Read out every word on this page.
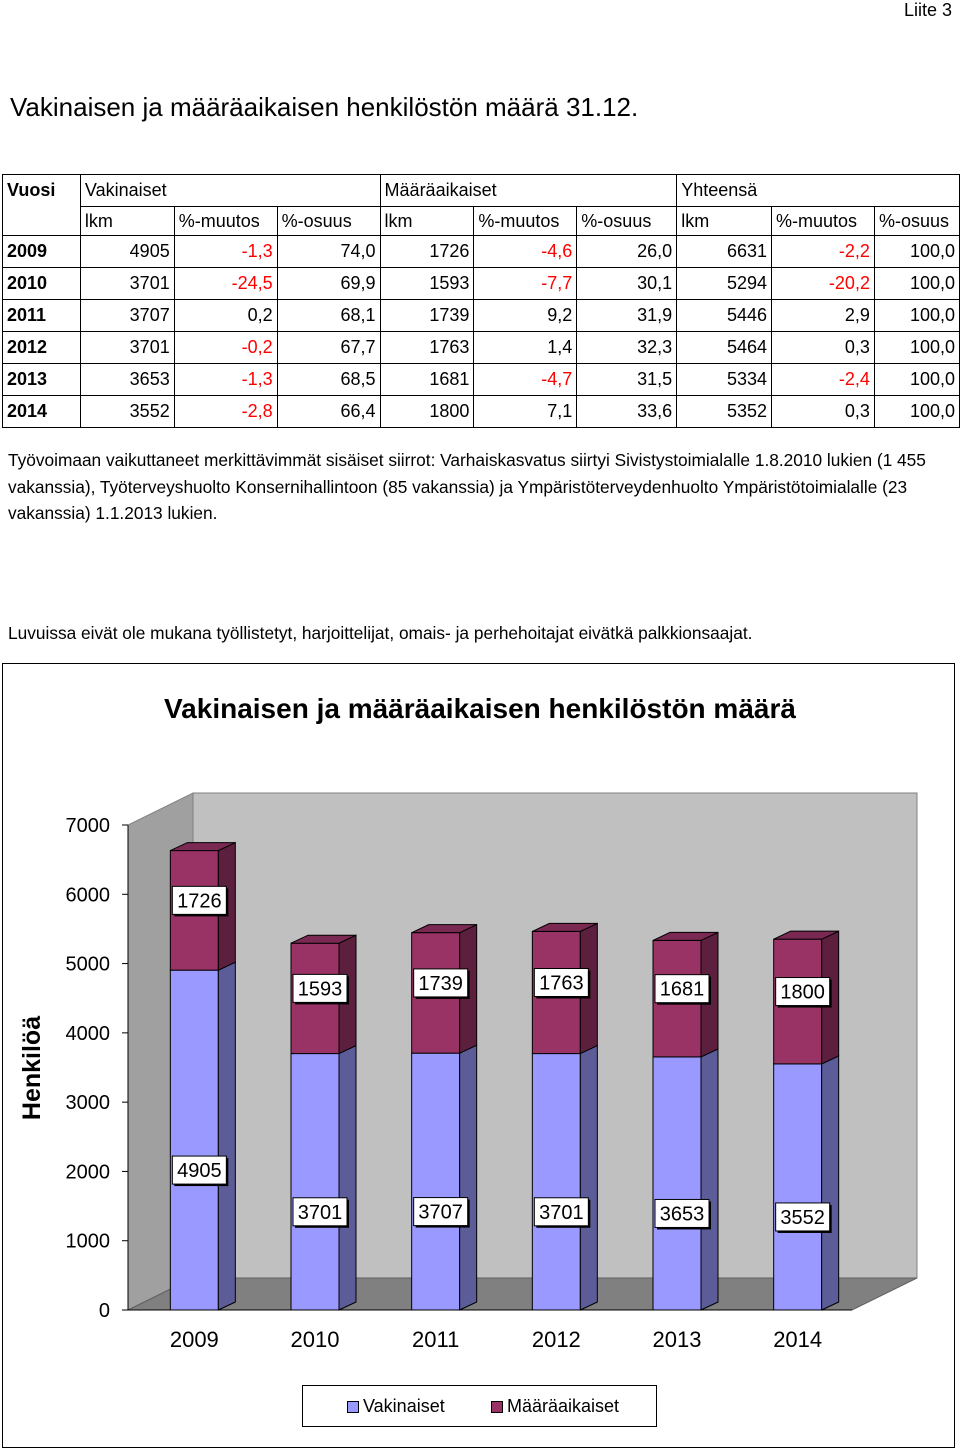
Liite 3
Vakinaisen ja määräaikaisen henkilöstön määrä 31.12.
Vuosi	Vakinaiset			Määräaikaiset			Yhteensä		
	lkm	%-muutos	%-osuus	lkm	%-muutos	%-osuus	lkm	%-muutos	%-osuus
2009	4905	-1,3	74,0	1726	-4,6	26,0	6631	-2,2	100,0
2010	3701	-24,5	69,9	1593	-7,7	30,1	5294	-20,2	100,0
2011	3707	0,2	68,1	1739	9,2	31,9	5446	2,9	100,0
2012	3701	-0,2	67,7	1763	1,4	32,3	5464	0,3	100,0
2013	3653	-1,3	68,5	1681	-4,7	31,5	5334	-2,4	100,0
2014	3552	-2,8	66,4	1800	7,1	33,6	5352	0,3	100,0
Työvoimaan vaikuttaneet merkittävimmät sisäiset siirrot: Varhaiskasvatus siirtyi Sivistystoimialalle 1.8.2010 lukien (1 455 vakanssia), Työterveyshuolto Konsernihallintoon (85 vakanssia) ja Ympäristöterveydenhuolto Ympäristötoimialalle (23 vakanssia) 1.1.2013 lukien.
Luvuissa eivät ole mukana työllistetyt, harjoittelijat, omais- ja perhehoitajat eivätkä palkkionsaajat.
Vakinaisen ja määräaikaisen henkilöstön määrä
0
1000
2000
3000
4000
5000
6000
7000
Henkilöä
4905
1726
2009
3701
1593
2010
3707
1739
2011
3701
1763
2012
3653
1681
2013
3552
1800
2014
Vakinaiset	Määräaikaiset
